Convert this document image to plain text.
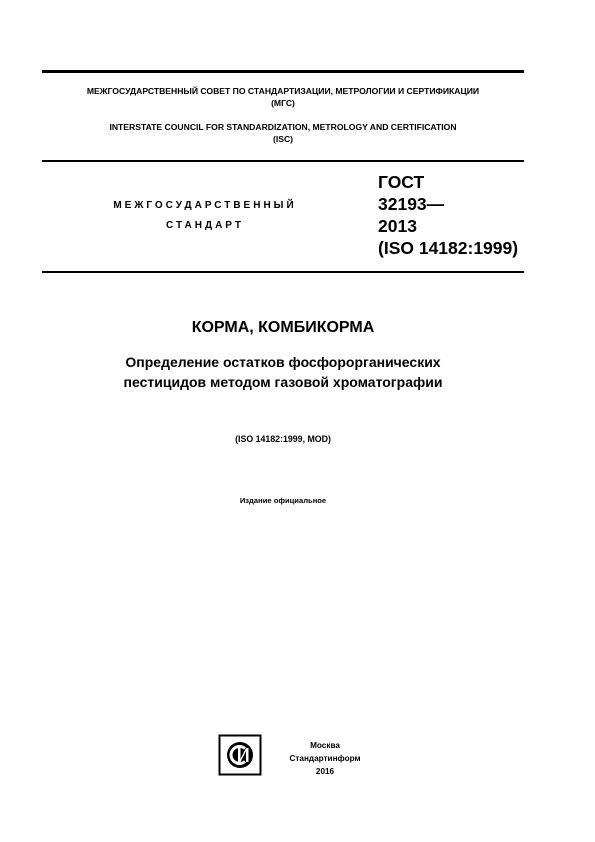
МЕЖГОСУДАРСТВЕННЫЙ СОВЕТ ПО СТАНДАРТИЗАЦИИ, МЕТРОЛОГИИ И СЕРТИФИКАЦИИ
(МГС)
INTERSTATE COUNCIL FOR STANDARDIZATION, METROLOGY AND CERTIFICATION
(ISC)
МЕЖГОСУДАРСТВЕННЫЙ
СТАНДАРТ
ГОСТ
32193—
2013
(ISO 14182:1999)
КОРМА, КОМБИКОРМА
Определение остатков фосфорорганических
пестицидов методом газовой хроматографии
(ISO 14182:1999, MOD)
Издание официальное
Москва
Стандартинформ
2016
